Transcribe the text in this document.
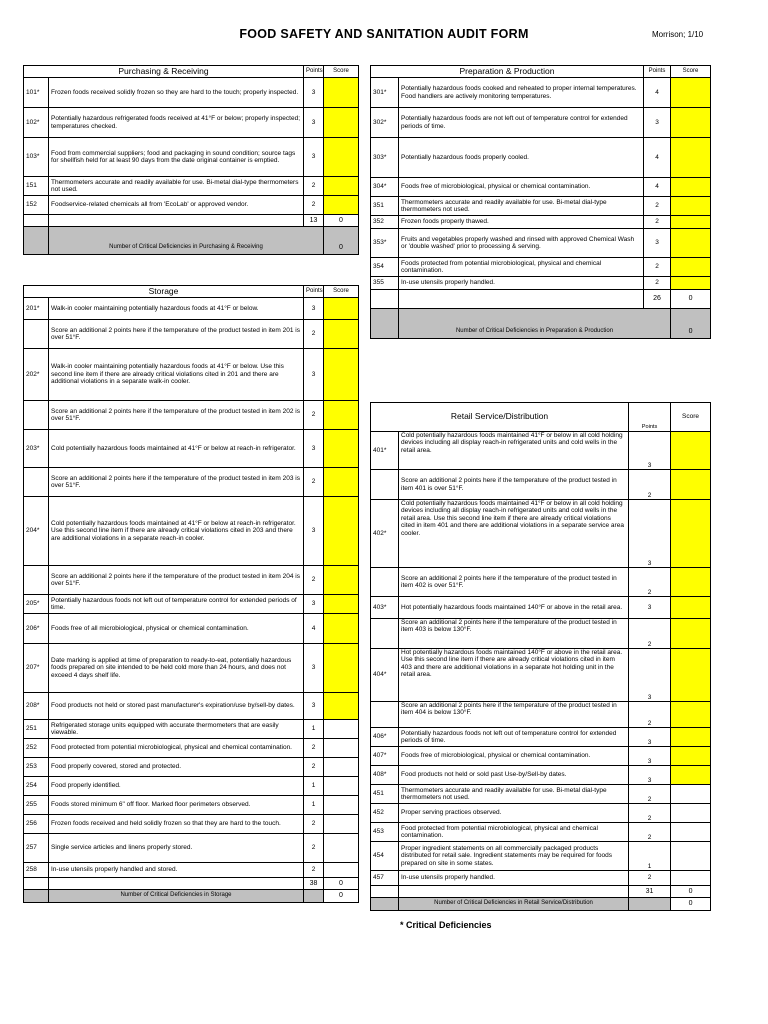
FOOD SAFETY AND SANITATION AUDIT FORM	Morrison; 1/10
Purchasing & Receiving		Points	Score
101*	Frozen foods received solidly frozen so they are hard to the touch; properly inspected.	3	
102*	Potentially hazardous refrigerated foods received at 41°F or below; properly inspected; temperatures checked.	3	
103*	Food from commercial suppliers; food and packaging in sound condition; source tags for shellfish held for at least 90 days from the date original container is emptied.	3	
151	Thermometers accurate and readily available for use. Bi-metal dial-type thermometers not used.	2	
152	Foodservice-related chemicals all from 'EcoLab' or approved vendor.	2	
		13	0
	Number of Critical Deficiencies in Purchasing & Receiving		0
Storage		Points	Score
201*	Walk-in cooler maintaining potentially hazardous foods at 41°F or below.	3	
	Score an additional 2 points here if the temperature of the product tested in item 201 is over 51°F.	2	
202*	Walk-in cooler maintaining potentially hazardous foods at 41°F or below. Use this second line item if there are already critical violations cited in 201 and there are additional violations in a separate walk-in cooler.	3	
	Score an additional 2 points here if the temperature of the product tested in item 202 is over 51°F.	2	
203*	Cold potentially hazardous foods maintained at 41°F or below at reach-in refrigerator.	3	
	Score an additional 2 points here if the temperature of the product tested in item 203 is over 51°F.	2	
204*	Cold potentially hazardous foods maintained at 41°F or below at reach-in refrigerator. Use this second line item if there are already critical violations cited in 203 and there are additional violations in a separate reach-in cooler.	3	
	Score an additional 2 points here if the temperature of the product tested in item 204 is over 51°F.	2	
205*	Potentially hazardous foods not left out of temperature control for extended periods of time.	3	
206*	Foods free of all microbiological, physical or chemical contamination.	4	
207*	Date marking is applied at time of preparation to ready-to-eat, potentially hazardous foods prepared on site intended to be held cold more than 24 hours, and does not exceed 4 days shelf life.	3	
208*	Food products not held or stored past manufacturer's expiration/use by/sell-by dates.	3	
251	Refrigerated storage units equipped with accurate thermometers that are easily viewable.	1	
252	Food protected from potential microbiological, physical and chemical contamination.	2	
253	Food properly covered, stored and protected.	2	
254	Food properly identified.	1	
255	Foods stored minimum 6" off floor. Marked floor perimeters observed.	1	
256	Frozen foods received and held solidly frozen so that they are hard to the touch.	2	
257	Single service articles and linens properly stored.	2	
258	In-use utensils properly handled and stored.	2	
		38	0
	Number of Critical Deficiencies in Storage		0
Preparation & Production		Points	Score
301*	Potentially hazardous foods cooked and reheated to proper internal temperatures. Food handlers are actively monitoring temperatures.	4	
302*	Potentially hazardous foods are not left out of temperature control for extended periods of time.	3	
303*	Potentially hazardous foods properly cooled.	4	
304*	Foods free of microbiological, physical or chemical contamination.	4	
351	Thermometers accurate and readily available for use. Bi-metal dial-type thermometers not used.	2	
352	Frozen foods properly thawed.	2	
353*	Fruits and vegetables properly washed and rinsed with approved Chemical Wash or 'double washed' prior to processing & serving.	3	
354	Foods protected from potential microbiological, physical and chemical contamination.	2	
355	In-use utensils properly handled.	2	
		26	0
	Number of Critical Deficiencies in Preparation & Production		0
Retail Service/Distribution		Points	Score
401*	Cold potentially hazardous foods maintained 41°F or below in all cold holding devices including all display reach-in refrigerated units and cold wells in the retail area.	3	
	Score an additional 2 points here if the temperature of the product tested in item 401 is over 51°F.	2	
402*	Cold potentially hazardous foods maintained 41°F or below in all cold holding devices including all display reach-in refrigerated units and cold wells in the retail area. Use this second line item if there are already critical violations cited in item 401 and there are additional violations in a separate service area cooler.	3	
	Score an additional 2 points here if the temperature of the product tested in item 402 is over 51°F.	2	
403*	Hot potentially hazardous foods maintained 140°F or above in the retail area.	3	
	Score an additional 2 points here if the temperature of the product tested in item 403 is below 130°F.	2	
404*	Hot potentially hazardous foods maintained 140°F or above in the retail area. Use this second line item if there are already critical violations cited in item 403 and there are additional violations in a separate hot holding unit in the retail area.	3	
	Score an additional 2 points here if the temperature of the product tested in item 404 is below 130°F.	2	
406*	Potentially hazardous foods not left out of temperature control for extended periods of time.	3	
407*	Foods free of microbiological, physical or chemical contamination.	3	
408*	Food products not held or sold past Use-by/Sell-by dates.	3	
451	Thermometers accurate and readily available for use. Bi-metal dial-type thermometers not used.	2	
452	Proper serving practices observed.	2	
453	Food protected from potential microbiological, physical and chemical contamination.	2	
454	Proper ingredient statements on all commercially packaged products distributed for retail sale. Ingredient statements may be required for foods prepared on site in some states.	1	
457	In-use utensils properly handled.	2	
		31	0
	Number of Critical Deficiencies in Retail Service/Distribution		0
* Critical Deficiencies
